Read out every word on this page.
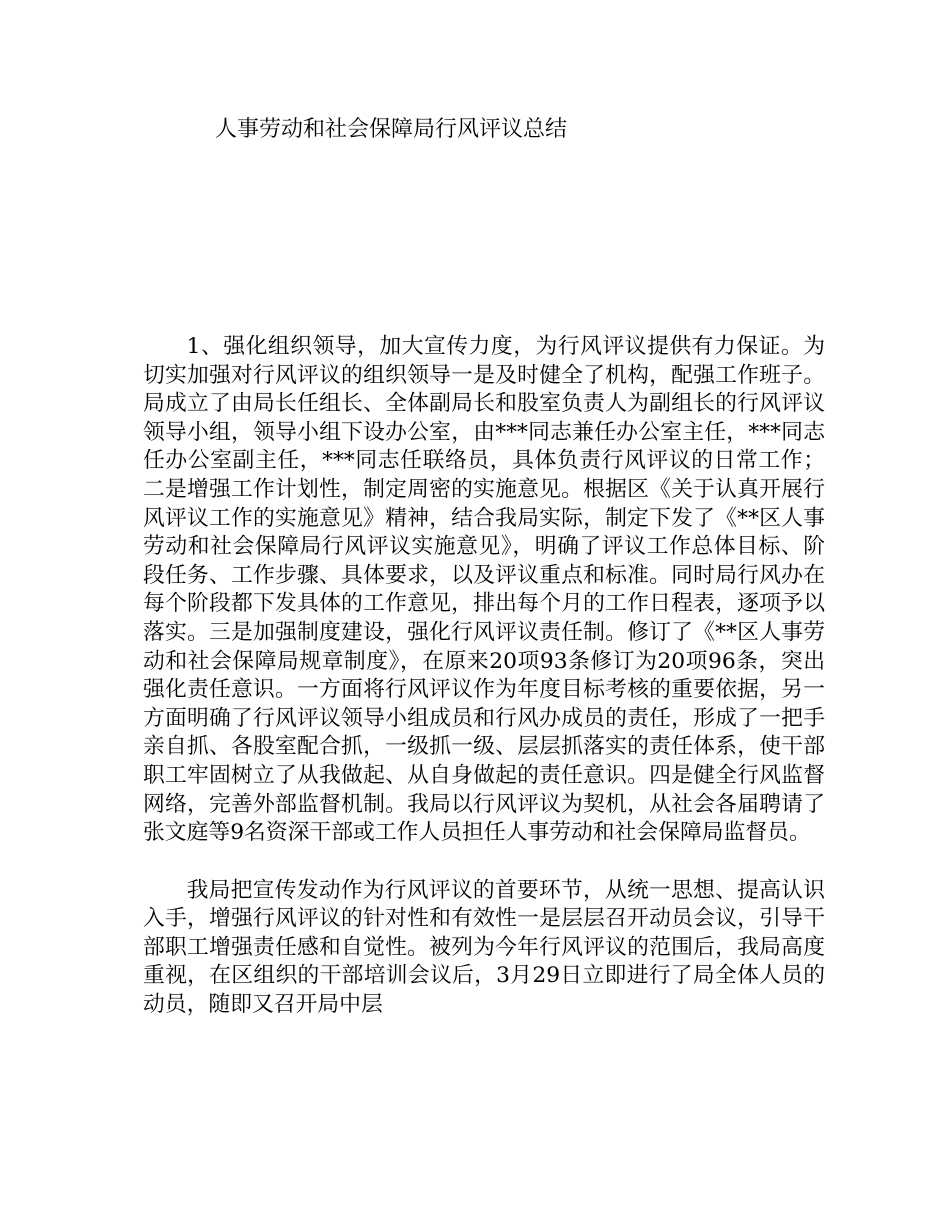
人事劳动和社会保障局行风评议总结

1、强化组织领导，加大宣传力度，为行风评议提供有力保证。为切实加强对行风评议的组织领导一是及时健全了机构，配强工作班子。局成立了由局长任组长、全体副局长和股室负责人为副组长的行风评议领导小组，领导小组下设办公室，由***同志兼任办公室主任，***同志任办公室副主任，***同志任联络员，具体负责行风评议的日常工作；二是增强工作计划性，制定周密的实施意见。根据区《关于认真开展行风评议工作的实施意见》精神，结合我局实际，制定下发了《**区人事劳动和社会保障局行风评议实施意见》，明确了评议工作总体目标、阶段任务、工作步骤、具体要求，以及评议重点和标准。同时局行风办在每个阶段都下发具体的工作意见，排出每个月的工作日程表，逐项予以落实。三是加强制度建设，强化行风评议责任制。修订了《**区人事劳动和社会保障局规章制度》，在原来20项93条修订为20项96条，突出强化责任意识。一方面将行风评议作为年度目标考核的重要依据，另一方面明确了行风评议领导小组成员和行风办成员的责任，形成了一把手亲自抓、各股室配合抓，一级抓一级、层层抓落实的责任体系，使干部职工牢固树立了从我做起、从自身做起的责任意识。四是健全行风监督网络，完善外部监督机制。我局以行风评议为契机，从社会各届聘请了张文庭等9名资深干部或工作人员担任人事劳动和社会保障局监督员。

我局把宣传发动作为行风评议的首要环节，从统一思想、提高认识入手，增强行风评议的针对性和有效性一是层层召开动员会议，引导干部职工增强责任感和自觉性。被列为今年行风评议的范围后，我局高度重视，在区组织的干部培训会议后，3月29日立即进行了局全体人员的动员，随即又召开局中层
